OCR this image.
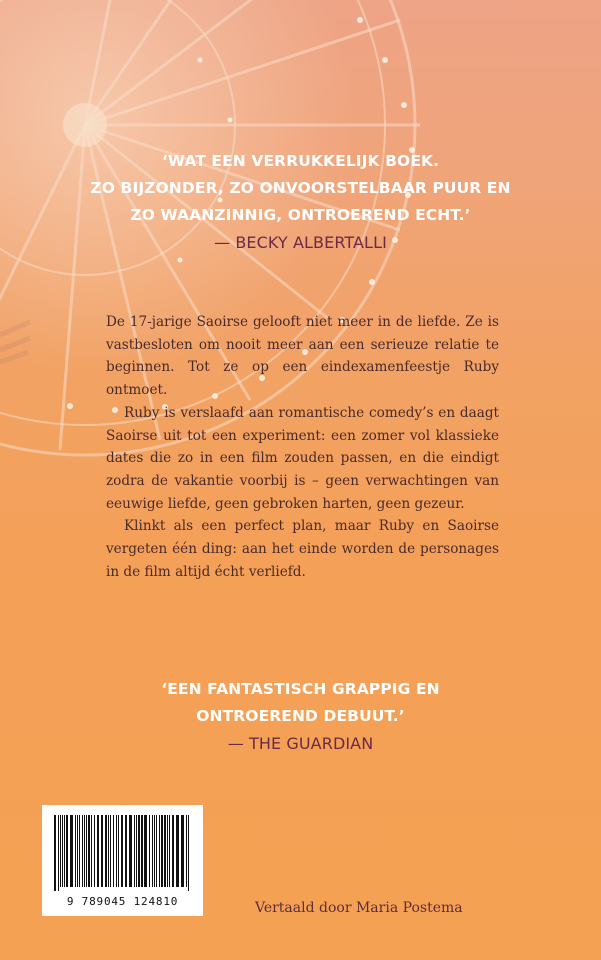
‘WAT EEN VERRUKKELIJK BOEK.
ZO BIJZONDER, ZO ONVOORSTELBAAR PUUR EN
ZO WAANZINNIG, ONTROEREND ECHT.’
— BECKY ALBERTALLI

De 17-jarige Saoirse gelooft niet meer in de liefde. Ze is vastbesloten om nooit meer aan een serieuze relatie te beginnen. Tot ze op een eindexamenfeestje Ruby ontmoet.

Ruby is verslaafd aan romantische comedy’s en daagt Saoirse uit tot een experiment: een zomer vol klassieke dates die zo in een film zouden passen, en die eindigt zodra de vakantie voorbij is – geen verwachtingen van eeuwige liefde, geen gebroken harten, geen gezeur.

Klinkt als een perfect plan, maar Ruby en Saoirse vergeten één ding: aan het einde worden de personages in de film altijd écht verliefd.

‘EEN FANTASTISCH GRAPPIG EN
ONTROEREND DEBUUT.’
— THE GUARDIAN
9 789045 124810	Vertaald door Maria Postema
